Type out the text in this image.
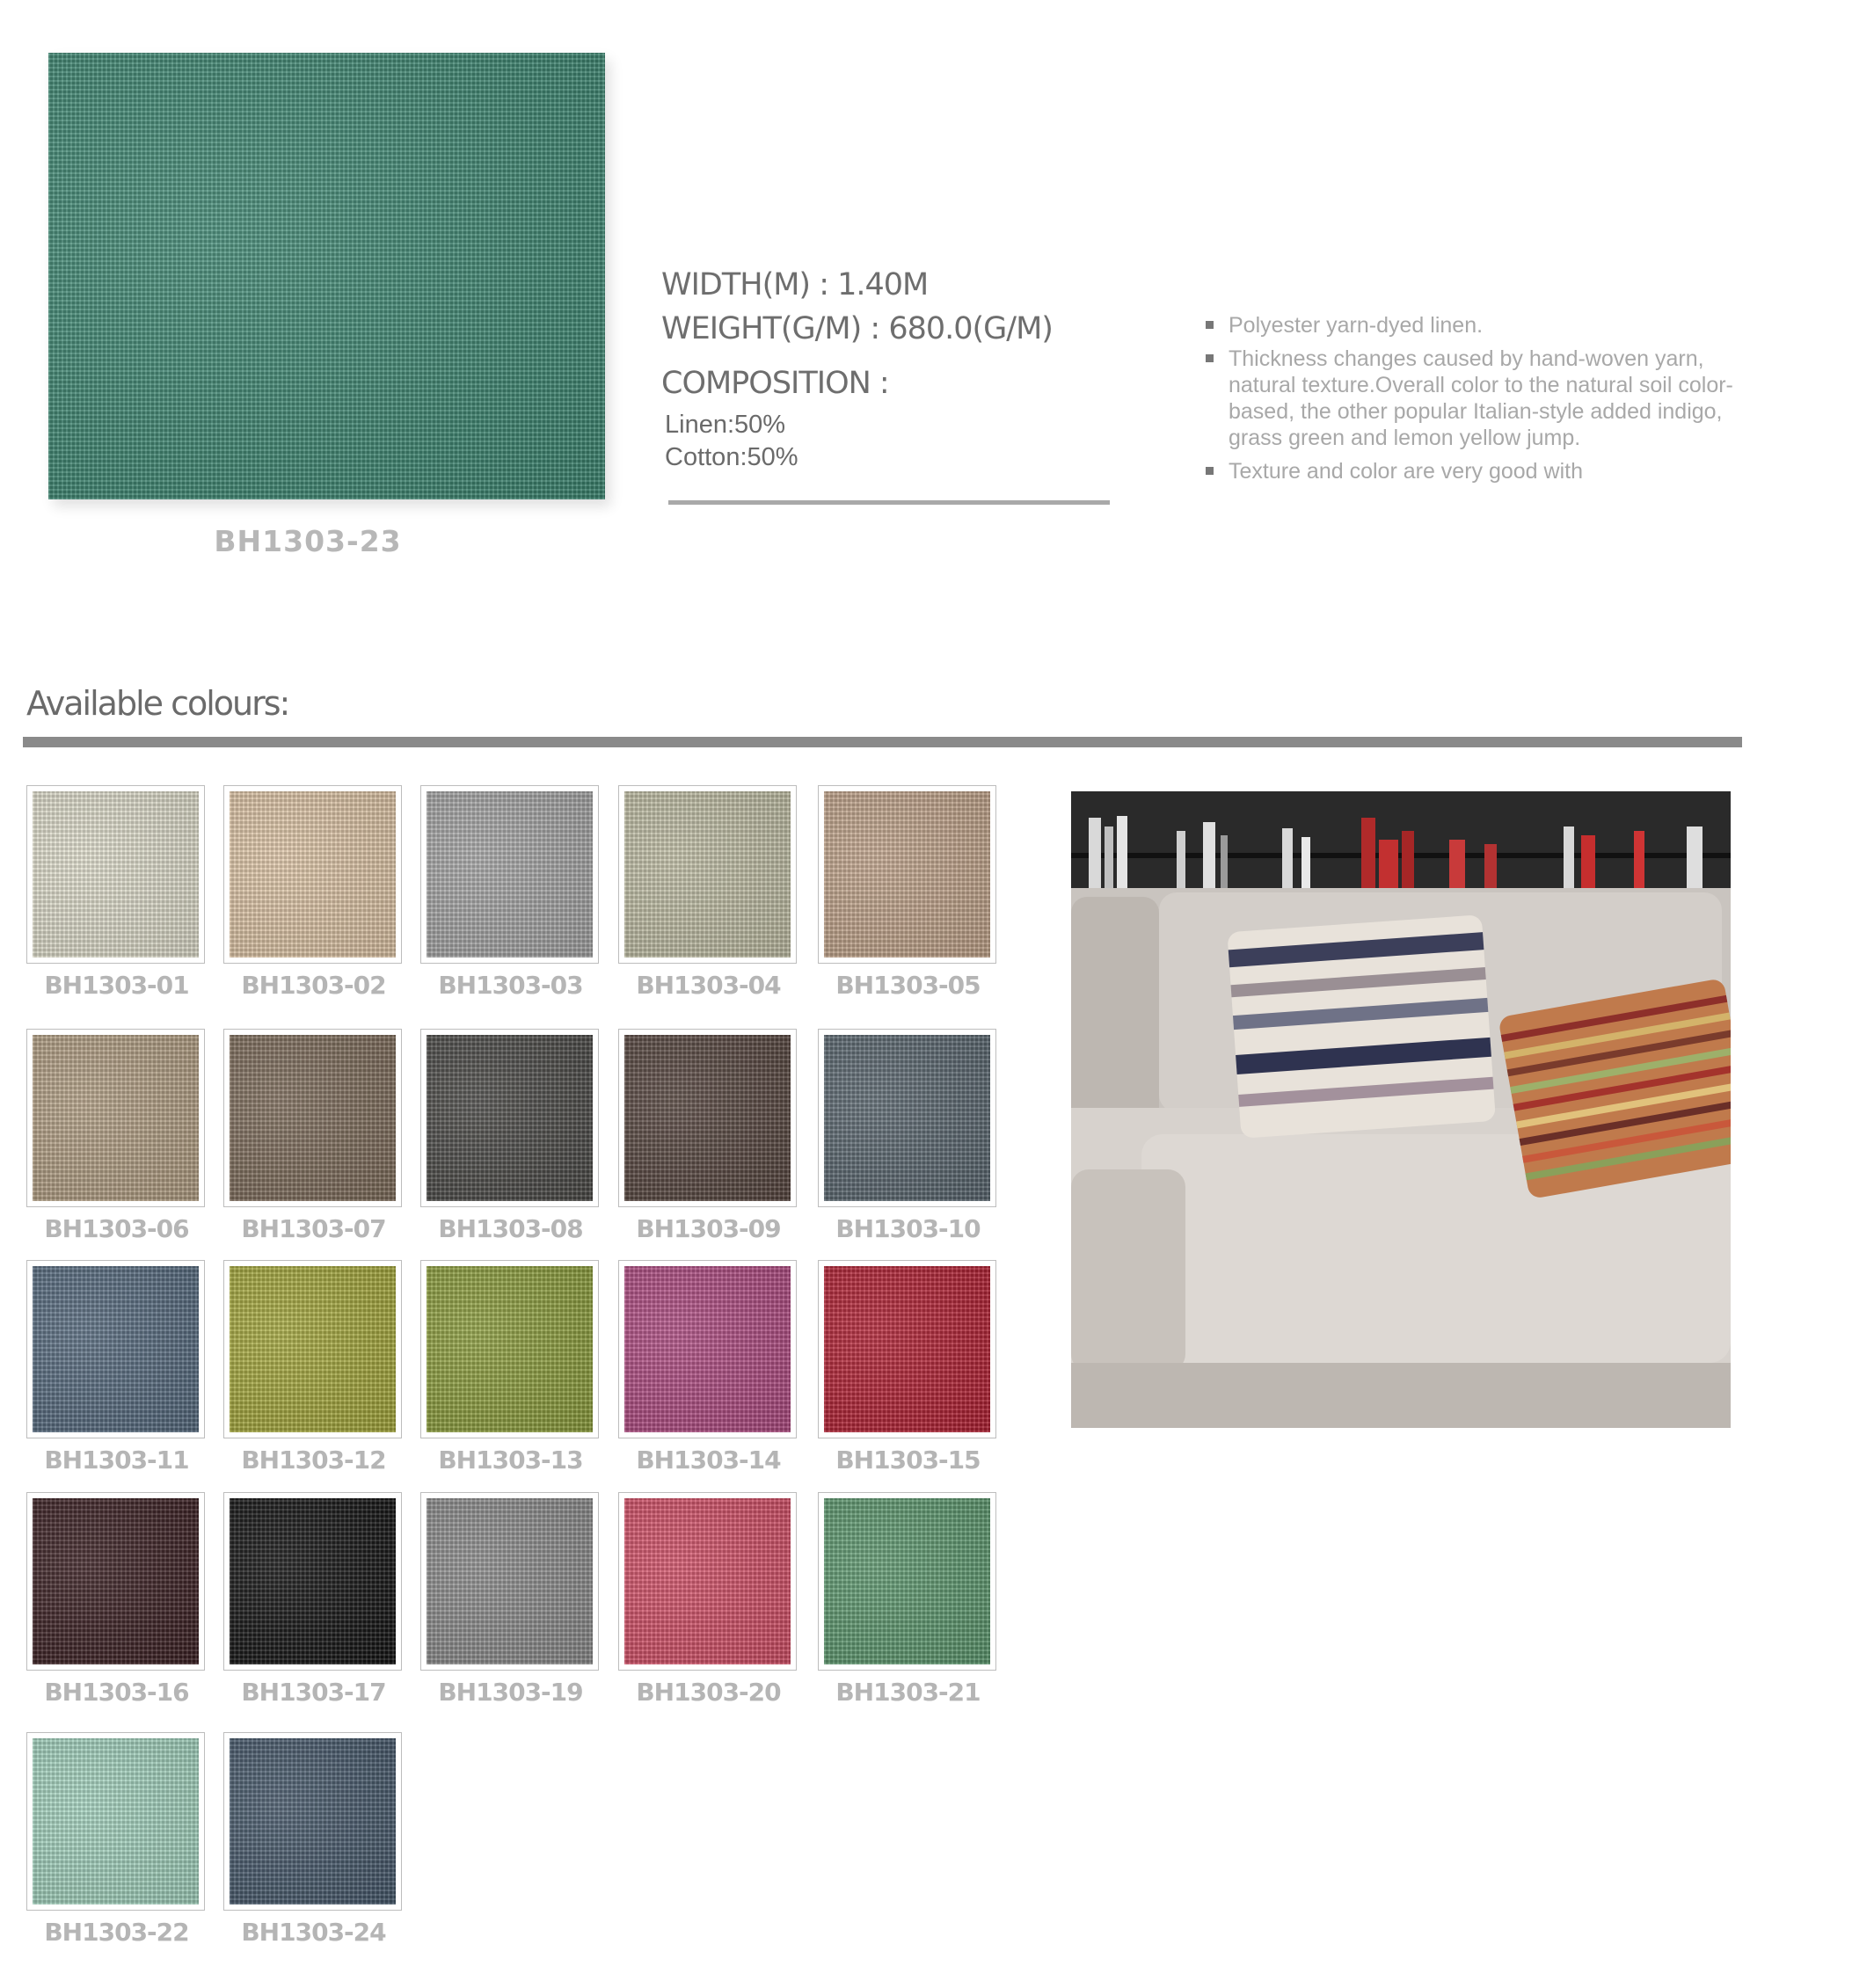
BH1303-23
WIDTH(M) : 1.40M
WEIGHT(G/M) : 680.0(G/M)
COMPOSITION :
Linen:50%
Cotton:50%
Polyester yarn-dyed linen.
Thickness changes caused by hand-woven yarn, natural texture.Overall color to the natural soil color-based, the other popular Italian-style added indigo, grass green and lemon yellow jump.
Texture and color are very good with
Available colours:
BH1303-01	BH1303-02	BH1303-03	BH1303-04	BH1303-05
BH1303-06	BH1303-07	BH1303-08	BH1303-09	BH1303-10
BH1303-11	BH1303-12	BH1303-13	BH1303-14	BH1303-15
BH1303-16	BH1303-17	BH1303-19	BH1303-20	BH1303-21
BH1303-22	BH1303-24
